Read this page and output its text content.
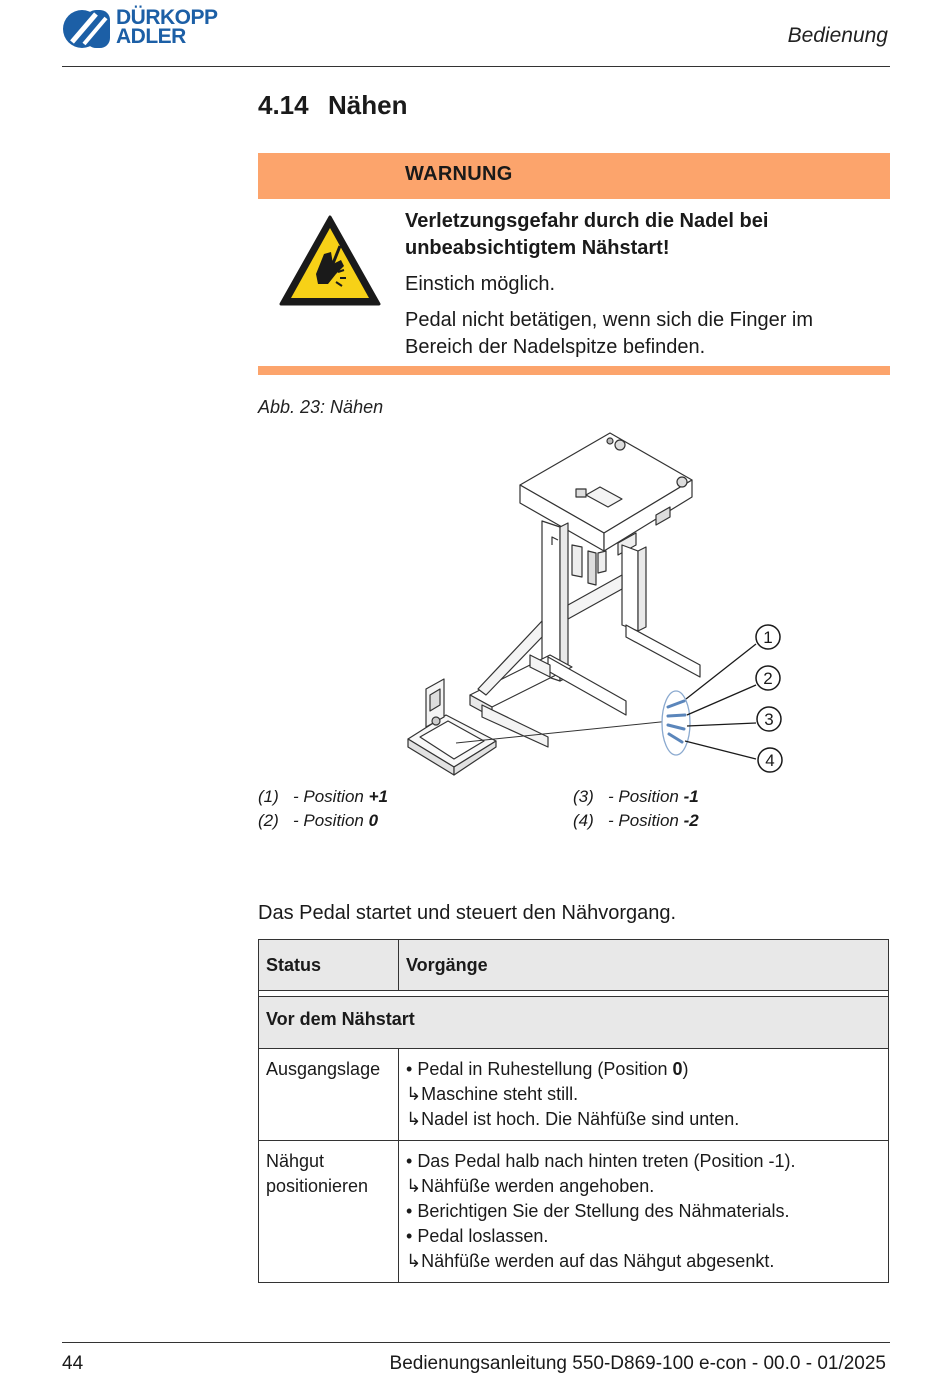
DÜRKOPP
ADLER	Bedienung
4.14 Nähen
WARNUNG

Verletzungsgefahr durch die Nadel bei
unbeabsichtigtem Nähstart!

Einstich möglich.

Pedal nicht betätigen, wenn sich die Finger im
Bereich der Nadelspitze befinden.

Abb. 23: Nähen
1
2
3
4
(1) - Position +1
(2) - Position 0
(3) - Position -1
(4) - Position -2
Das Pedal startet und steuert den Nähvorgang.
Status	Vorgänge

Vor dem Nähstart	

Ausgangslage	• Pedal in Ruhestellung (Position 0)
↳Maschine steht still.
↳Nadel ist hoch. Die Nähfüße sind unten.

Nähgut
positionieren	• Das Pedal halb nach hinten treten (Position -1).
↳Nähfüße werden angehoben.
• Berichtigen Sie der Stellung des Nähmaterials.
• Pedal loslassen.
↳Nähfüße werden auf das Nähgut abgesenkt.
44	Bedienungsanleitung 550-D869-100 e-con - 00.0 - 01/2025
